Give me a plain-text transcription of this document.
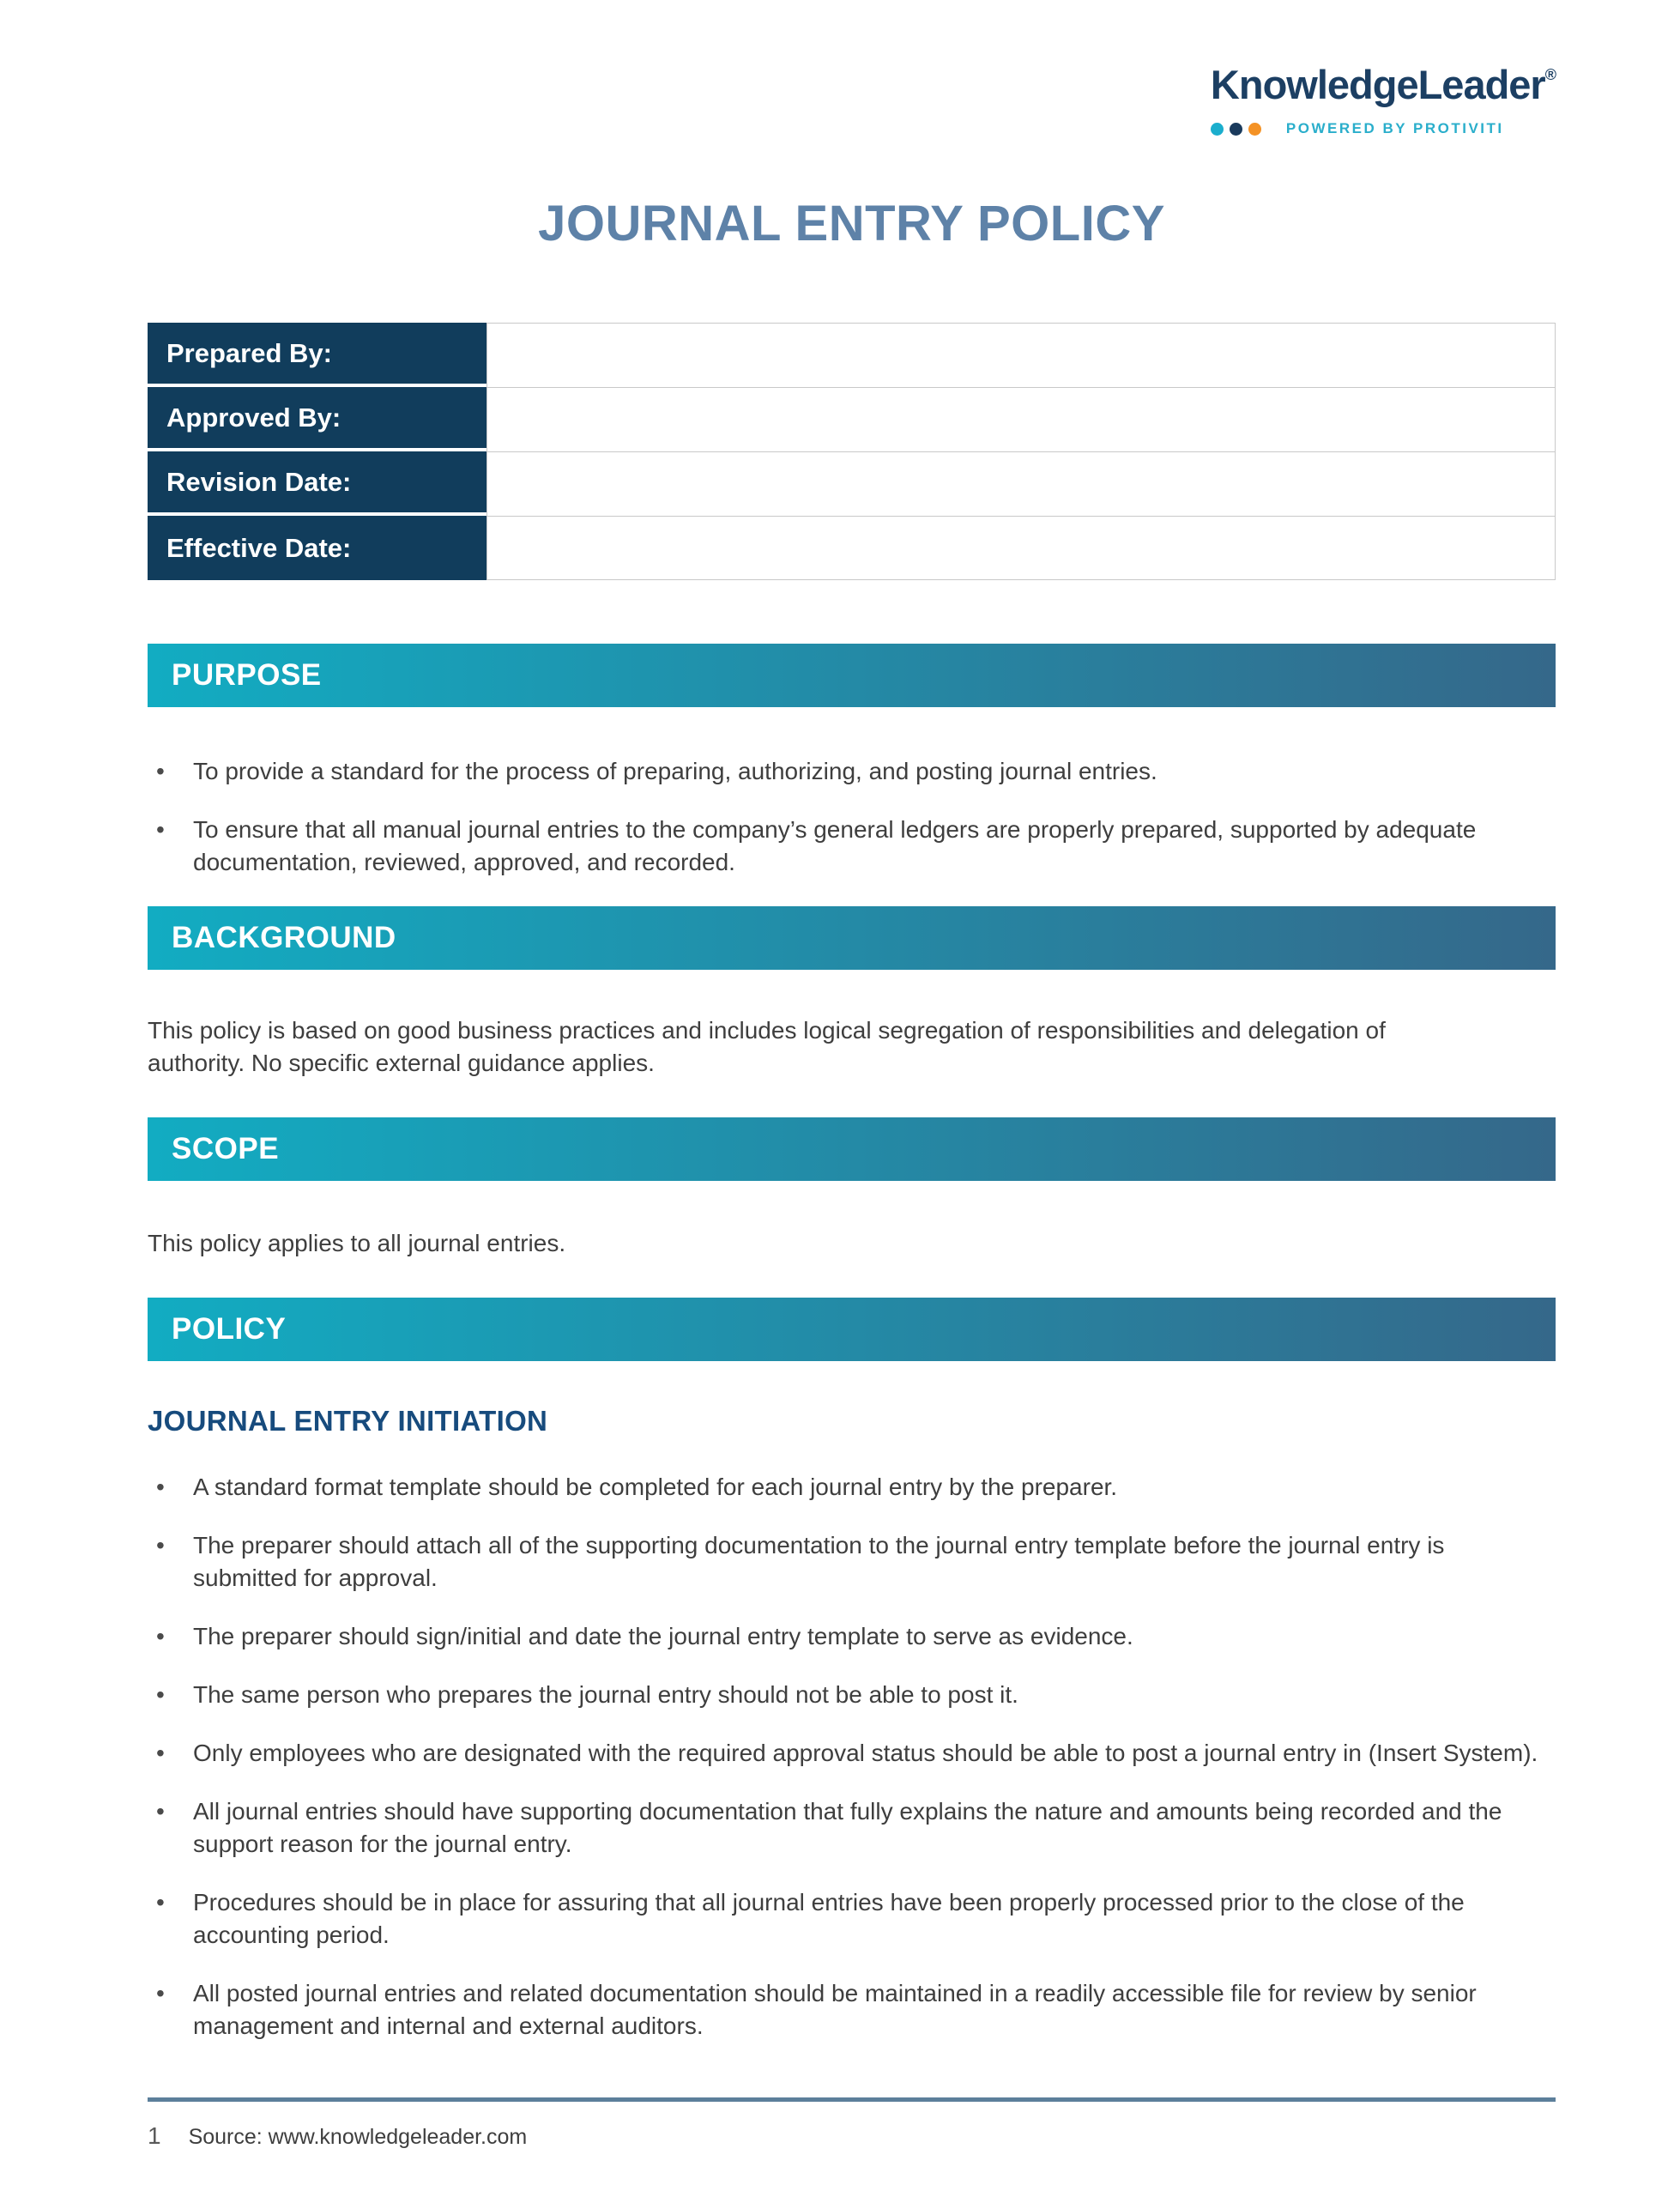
KnowledgeLeader®
POWERED BY PROTIVITI
JOURNAL ENTRY POLICY
Prepared By:	
Approved By:	
Revision Date:	
Effective Date:	
PURPOSE
• To provide a standard for the process of preparing, authorizing, and posting journal entries.
• To ensure that all manual journal entries to the company’s general ledgers are properly prepared, supported by adequate documentation, reviewed, approved, and recorded.
BACKGROUND

This policy is based on good business practices and includes logical segregation of responsibilities and delegation of authority. No specific external guidance applies.

SCOPE

This policy applies to all journal entries.

POLICY
JOURNAL ENTRY INITIATION
• A standard format template should be completed for each journal entry by the preparer.
• The preparer should attach all of the supporting documentation to the journal entry template before the journal entry is submitted for approval.
• The preparer should sign/initial and date the journal entry template to serve as evidence.
• The same person who prepares the journal entry should not be able to post it.
• Only employees who are designated with the required approval status should be able to post a journal entry in (Insert System).
• All journal entries should have supporting documentation that fully explains the nature and amounts being recorded and the support reason for the journal entry.
• Procedures should be in place for assuring that all journal entries have been properly processed prior to the close of the accounting period.
• All posted journal entries and related documentation should be maintained in a readily accessible file for review by senior management and internal and external auditors.
1 Source: www.knowledgeleader.com
